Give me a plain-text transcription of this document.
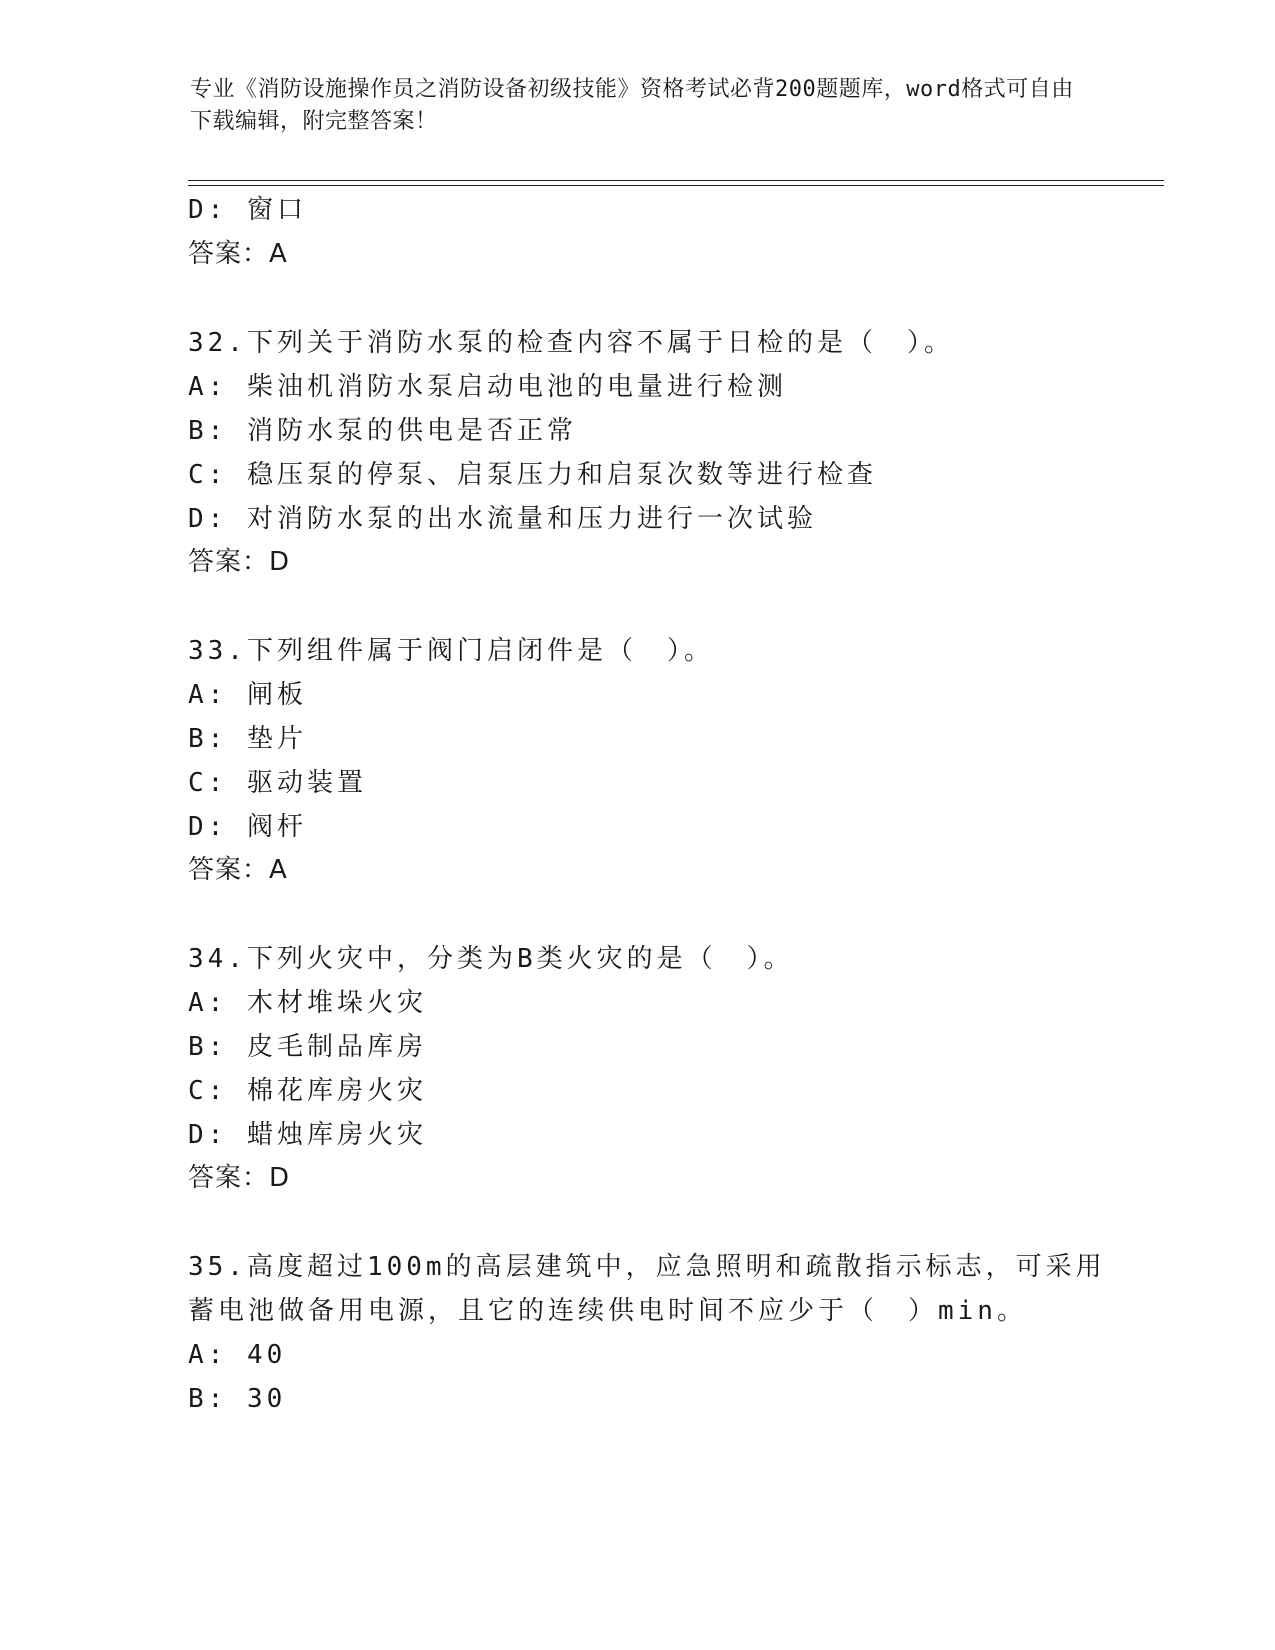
专业《消防设施操作员之消防设备初级技能》资格考试必背200题题库，word格式可自由下载编辑，附完整答案！
D: 窗口
答案：A
32.下列关于消防水泵的检查内容不属于日检的是（　）。
A: 柴油机消防水泵启动电池的电量进行检测
B: 消防水泵的供电是否正常
C: 稳压泵的停泵、启泵压力和启泵次数等进行检查
D: 对消防水泵的出水流量和压力进行一次试验
答案：D
33.下列组件属于阀门启闭件是（　）。
A: 闸板
B: 垫片
C: 驱动装置
D: 阀杆
答案：A
34.下列火灾中，分类为B类火灾的是（　）。
A: 木材堆垛火灾
B: 皮毛制品库房
C: 棉花库房火灾
D: 蜡烛库房火灾
答案：D
35.高度超过100m的高层建筑中，应急照明和疏散指示标志，可采用
蓄电池做备用电源，且它的连续供电时间不应少于（　）min。
A: 40
B: 30
